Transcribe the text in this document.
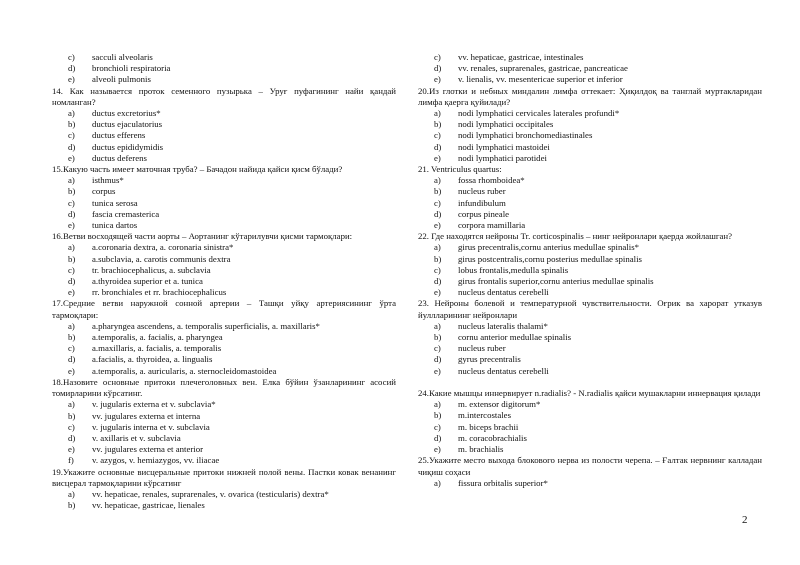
c)	sacculi alveolaris
d)	bronchioli respiratoria
e)	alveoli pulmonis

14. Как называется проток семенного пузырька – Уруғ пуфагининг найи қандай номланган?

a)	ductus excretorius*
b)	ductus ejaculatorius
c)	ductus efferens
d)	ductus epididymidis
e)	ductus deferens

15.Какую часть имеет маточная труба? – Бачадон найида қайси қисм бўлади?

a)	isthmus*
b)	corpus
c)	tunica serosa
d)	fascia cremasterica
e)	tunica dartos

16.Ветви восходящей части аорты – Аортанинг кўтарилувчи қисми тармоқлари:

a)	a.coronaria dextra, a. coronaria sinistra*
b)	a.subclavia, a. carotis communis dextra
c)	tr. brachiocephalicus, a. subclavia
d)	a.thyroidea superior et a. tunica
e)	rr. bronchiales et rr. brachiocephalicus

17.Средние ветви наружной сонной артерии – Ташқи уйқу артериясининг ўрта тармоқлари:

a)	a.pharyngea ascendens, a. temporalis superficialis, a. maxillaris*
b)	a.temporalis, a. facialis, a. pharyngea
c)	a.maxillaris, a. facialis, a. temporalis
d)	a.facialis, a. thyroidea, a. lingualis
e)	a.temporalis, a. auricularis, a. sternocleidomastoidea

18.Назовите основные притоки плечеголовных вен. Елка бўйин ўзанларининг асосий томирларини кўрсатинг.

a)	v. jugularis externa et v. subclavia*
b)	vv. jugulares externa et interna
c)	v. jugularis interna et v. subclavia
d)	v. axillaris et v. subclavia
e)	vv. jugulares externa et anterior
f)	v. azygos, v. hemiazygos, vv. iliacae

19.Укажите основные висцеральные притоки нижней полой вены. Пастки ковак венанинг висцерал тармоқларини кўрсатинг

a)	vv. hepaticae, renales, suprarenales, v. ovarica (testicularis) dextra*
b)	vv. hepaticae, gastricae, lienales
c)	vv. hepaticae, gastricae, intestinales
d)	vv. renales, suprarenales, gastricae, pancreaticae
e)	v. lienalis, vv. mesentericae superior et inferior

20.Из глотки и небных миндалин лимфа оттекает: Ҳиқилдоқ ва танглай муртакларидан лимфа қаерга қуйилади?

a)	nodi lymphatici cervicales laterales profundi*
b)	nodi lymphatici occipitales
c)	nodi lymphatici bronchomediastinales
d)	nodi lymphatici mastoidei
e)	nodi lymphatici parotidei

21. Ventriculus quartus:

a)	fossa rhomboidea*
b)	nucleus ruber
c)	infundibulum
d)	corpus pineale
e)	corpora mamillaria

22. Где находятся нейроны Tr. corticospinalis – нинг нейронлари қаерда жойлашган?

a)	girus precentralis,cornu anterius medullae spinalis*
b)	girus postcentralis,cornu posterius medullae spinalis
c)	lobus frontalis,medulla spinalis
d)	girus frontalis superior,cornu anterius medullae spinalis
e)	nucleus dentatus cerebelli

23. Нейроны болевой и температурной чувствительности. Оғрик ва харорат утказув йуллларининг нейронлари

a)	nucleus lateralis thalami*
b)	cornu anterior medullae spinalis
c)	nucleus ruber
d)	gyrus precentralis
e)	nucleus dentatus cerebelli

24.Какие мышцы иннервирует n.radialis? - N.radialis қайси мушакларни иннервация қилади

a)	m. extensor digitorum*
b)	m.intercostales
c)	m. biceps brachii
d)	m. coracobrachialis
e)	m. brachialis

25.Укажите место выхода блокового нерва из полости черепа. – Ғалтак нервнинг калладан чиқиш соҳаси

a)	fissura orbitalis superior*
2
